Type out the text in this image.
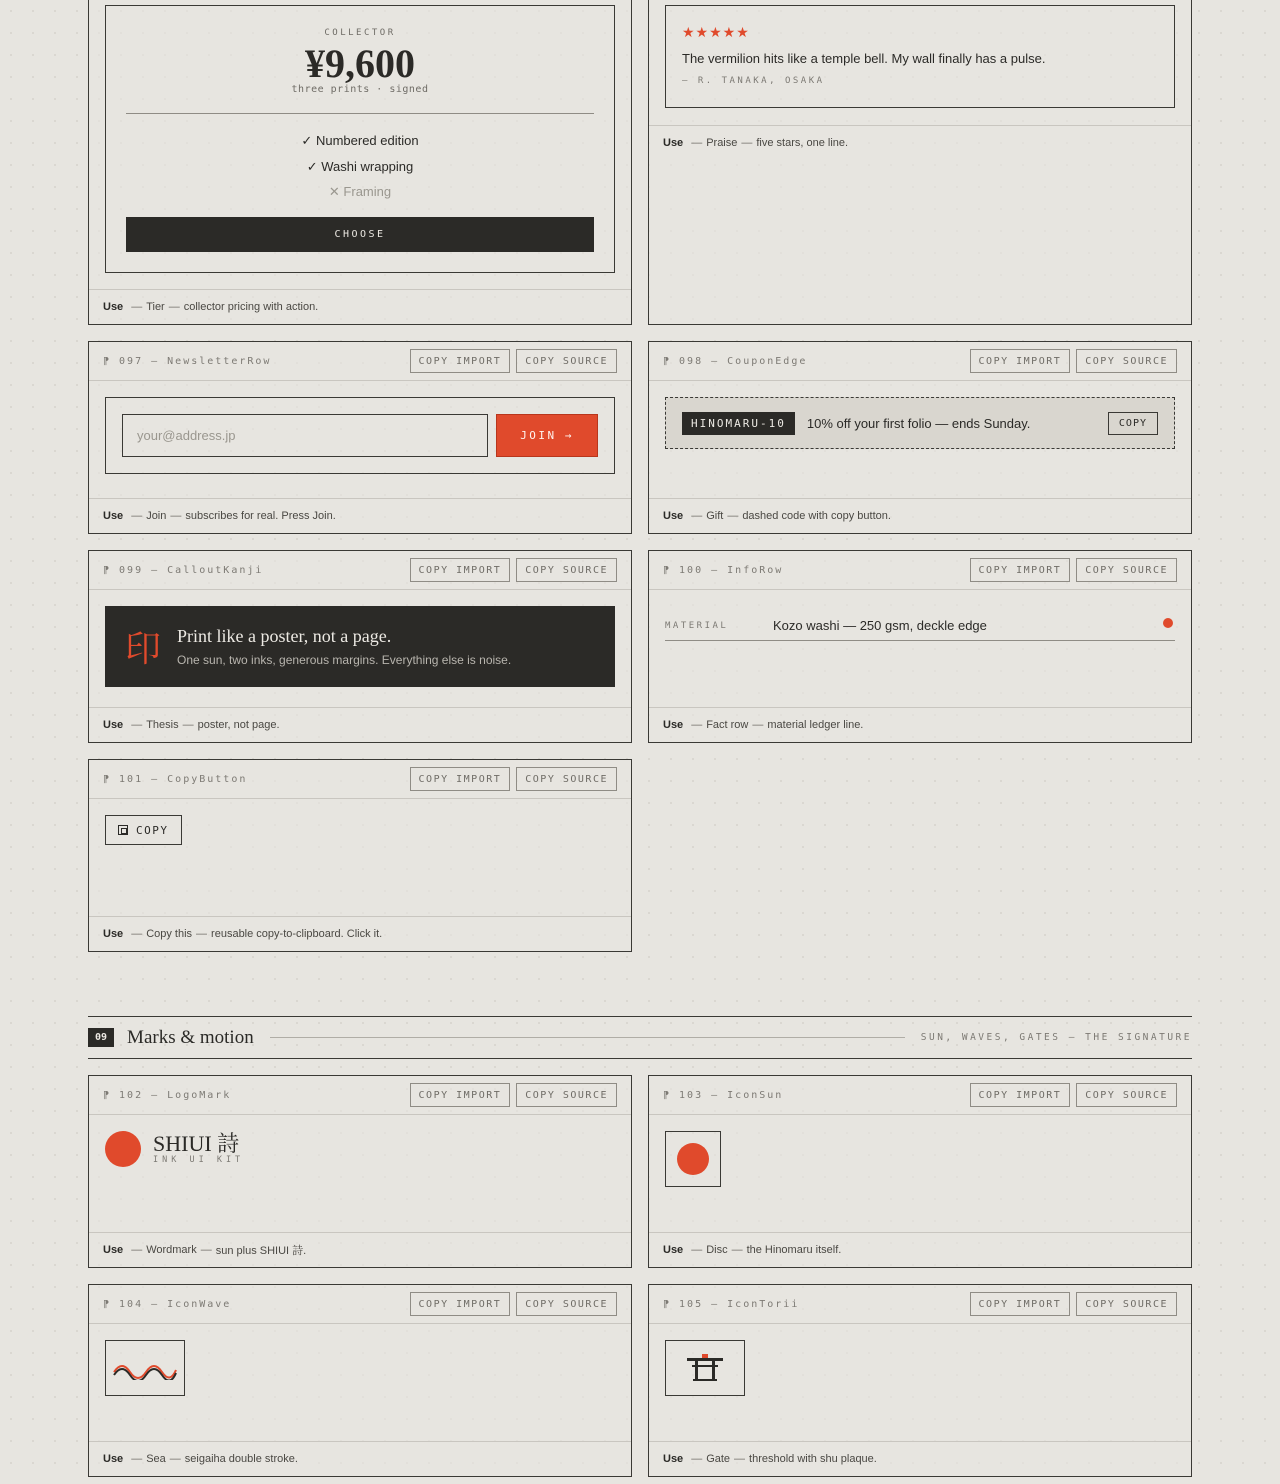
COLLECTOR
¥9,600
three prints · signed
✓ Numbered edition
✓ Washi wrapping
✕ Framing
CHOOSE
Use — Tier — collector pricing with action.
★★★★★
The vermilion hits like a temple bell. My wall finally has a pulse.
— R. TANAKA, OSAKA
Use — Praise — five stars, one line.
⁋ 097 — NewsletterRow	COPY IMPORT	COPY SOURCE
your@address.jp
JOIN →
Use — Join — subscribes for real. Press Join.
⁋ 098 — CouponEdge	COPY IMPORT	COPY SOURCE
HINOMARU-10	10% off your first folio — ends Sunday.	COPY
Use — Gift — dashed code with copy button.
⁋ 099 — CalloutKanji	COPY IMPORT	COPY SOURCE
印 Print like a poster, not a page.
One sun, two inks, generous margins. Everything else is noise.
Use — Thesis — poster, not page.
⁋ 100 — InfoRow	COPY IMPORT	COPY SOURCE
MATERIAL	Kozo washi — 250 gsm, deckle edge
Use — Fact row — material ledger line.
⁋ 101 — CopyButton	COPY IMPORT	COPY SOURCE
COPY
Use — Copy this — reusable copy-to-clipboard. Click it.
09	Marks & motion	SUN, WAVES, GATES — THE SIGNATURE
⁋ 102 — LogoMark	COPY IMPORT	COPY SOURCE
SHIUI 詩
INK UI KIT
Use — Wordmark — sun plus SHIUI 詩.
⁋ 103 — IconSun	COPY IMPORT	COPY SOURCE
Use — Disc — the Hinomaru itself.
⁋ 104 — IconWave	COPY IMPORT	COPY SOURCE
Use — Sea — seigaiha double stroke.
⁋ 105 — IconTorii	COPY IMPORT	COPY SOURCE
Use — Gate — threshold with shu plaque.
